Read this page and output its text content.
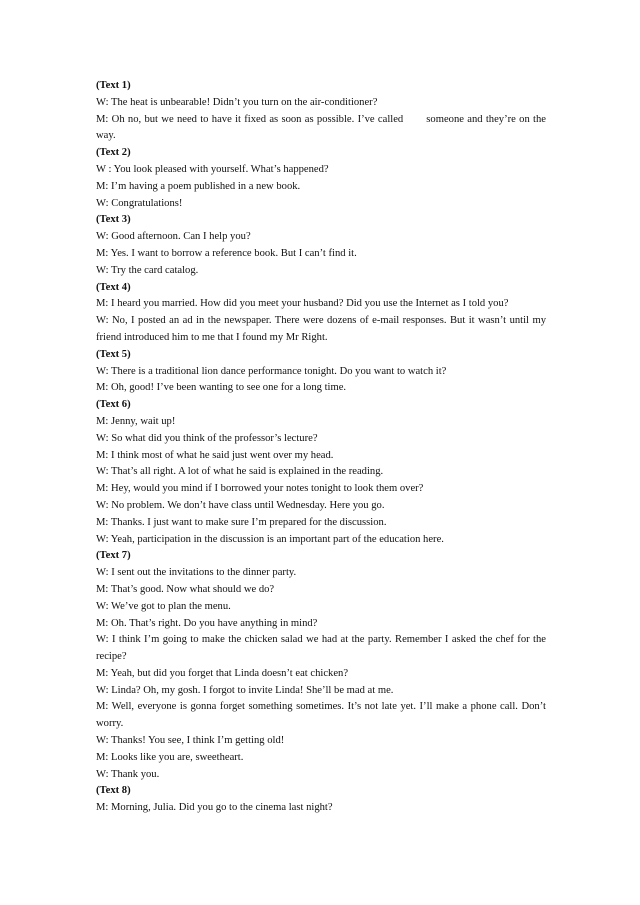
(Text 1)
W: The heat is unbearable! Didn’t you turn on the air-conditioner?
M: Oh no, but we need to have it fixed as soon as possible. I’ve called       someone and they’re on the way.
(Text 2)
W : You look pleased with yourself. What’s happened?
M: I’m having a poem published in a new book.
W: Congratulations!
(Text 3)
W: Good afternoon. Can I help you?
M: Yes. I want to borrow a reference book. But I can’t find it.
W: Try the card catalog.
(Text 4)
M: I heard you married. How did you meet your husband? Did you use the Internet as I told you?
W: No, I posted an ad in the newspaper. There were dozens of e-mail responses. But it wasn’t until my friend introduced him to me that I found my Mr Right.
(Text 5)
W: There is a traditional lion dance performance tonight. Do you want to watch it?
M: Oh, good! I’ve been wanting to see one for a long time.
(Text 6)
M: Jenny, wait up!
W: So what did you think of the professor’s lecture?
M: I think most of what he said just went over my head.
W: That’s all right. A lot of what he said is explained in the reading.
M: Hey, would you mind if I borrowed your notes tonight to look them over?
W: No problem. We don’t have class until Wednesday. Here you go.
M: Thanks. I just want to make sure I’m prepared for the discussion.
W: Yeah, participation in the discussion is an important part of the education here.
(Text 7)
W: I sent out the invitations to the dinner party.
M: That’s good. Now what should we do?
W: We’ve got to plan the menu.
M: Oh. That’s right. Do you have anything in mind?
W: I think I’m going to make the chicken salad we had at the party. Remember I asked the chef for the recipe?
M: Yeah, but did you forget that Linda doesn’t eat chicken?
W: Linda? Oh, my gosh. I forgot to invite Linda! She’ll be mad at me.
M: Well, everyone is gonna forget something sometimes. It’s not late yet. I’ll make a phone call. Don’t worry.
W: Thanks! You see, I think I’m getting old!
M: Looks like you are, sweetheart.
W: Thank you.
(Text 8)
M: Morning, Julia. Did you go to the cinema last night?
